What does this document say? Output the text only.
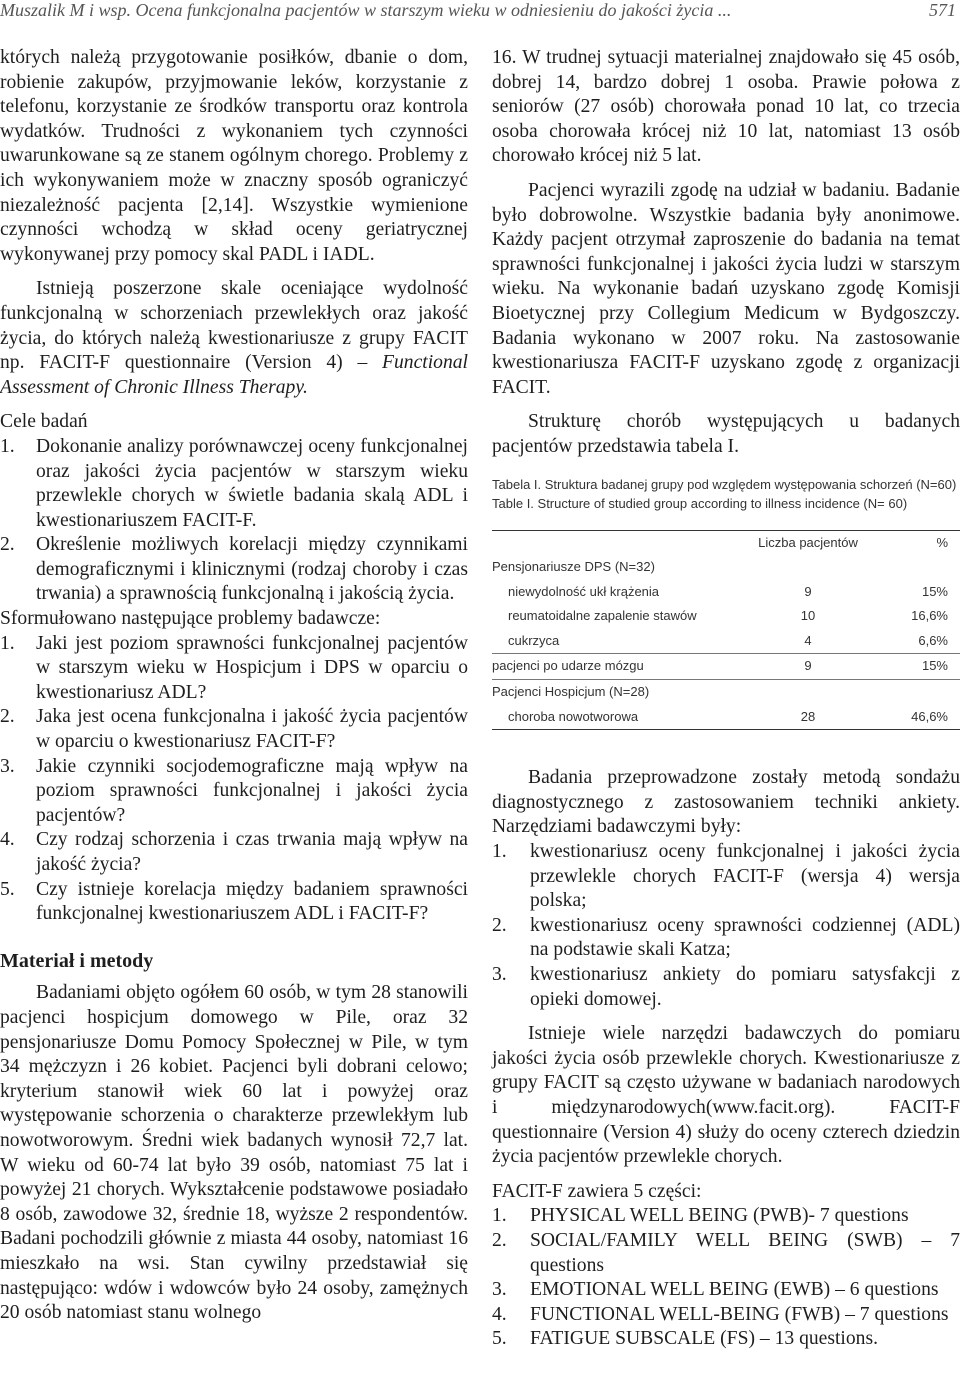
Muszalik M i wsp. Ocena funkcjonalna pacjentów w starszym wieku w odniesieniu do jakości życia ...	571

których należą przygotowanie posiłków, dbanie o dom, robienie zakupów, przyjmowanie leków, korzystanie z telefonu, korzystanie ze środków transportu oraz kontrola wydatków. Trudności z wykonaniem tych czynności uwarunkowane są ze stanem ogólnym chorego. Problemy z ich wykonywaniem może w znaczny sposób ograniczyć niezależność pacjenta [2,14]. Wszystkie wymienione czynności wchodzą w skład oceny geriatrycznej wykonywanej przy pomocy skal PADL i IADL.

Istnieją poszerzone skale oceniające wydolność funkcjonalną w schorzeniach przewlekłych oraz jakość życia, do których należą kwestionariusze z grupy FACIT np. FACIT-F questionnaire (Version 4) – Functional Assessment of Chronic Illness Therapy.

Cele badań

1. Dokonanie analizy porównawczej oceny funkcjonalnej oraz jakości życia pacjentów w starszym wieku przewlekle chorych w świetle badania skalą ADL i kwestionariuszem FACIT-F.
2. Określenie możliwych korelacji między czynnikami demograficznymi i klinicznymi (rodzaj choroby i czas trwania) a sprawnością funkcjonalną i jakością życia.

Sformułowano następujące problemy badawcze:

1. Jaki jest poziom sprawności funkcjonalnej pacjentów w starszym wieku w Hospicjum i DPS w oparciu o kwestionariusz ADL?
2. Jaka jest ocena funkcjonalna i jakość życia pacjentów w oparciu o kwestionariusz FACIT-F?
3. Jakie czynniki socjodemograficzne mają wpływ na poziom sprawności funkcjonalnej i jakości życia pacjentów?
4. Czy rodzaj schorzenia i czas trwania mają wpływ na jakość życia?
5. Czy istnieje korelacja między badaniem sprawności funkcjonalnej kwestionariuszem ADL i FACIT-F?

Materiał i metody

Badaniami objęto ogółem 60 osób, w tym 28 stanowili pacjenci hospicjum domowego w Pile, oraz 32 pensjonariusze Domu Pomocy Społecznej w Pile, w tym 34 mężczyzn i 26 kobiet. Pacjenci byli dobrani celowo; kryterium stanowił wiek 60 lat i powyżej oraz występowanie schorzenia o charakterze przewlekłym lub nowotworowym. Średni wiek badanych wynosił 72,7 lat. W wieku od 60-74 lat było 39 osób, natomiast 75 lat i powyżej 21 chorych. Wykształcenie podstawowe posiadało 8 osób, zawodowe 32, średnie 18, wyższe 2 respondentów. Badani pochodzili głównie z miasta 44 osoby, natomiast 16 mieszkało na wsi. Stan cywilny przedstawiał się następująco: wdów i wdowców było 24 osoby, zamężnych 20 osób natomiast stanu wolnego

16. W trudnej sytuacji materialnej znajdowało się 45 osób, dobrej 14, bardzo dobrej 1 osoba. Prawie połowa z seniorów (27 osób) chorowała ponad 10 lat, co trzecia osoba chorowała krócej niż 10 lat, natomiast 13 osób chorowało krócej niż 5 lat.

Pacjenci wyrazili zgodę na udział w badaniu. Badanie było dobrowolne. Wszystkie badania były anonimowe. Każdy pacjent otrzymał zaproszenie do badania na temat sprawności funkcjonalnej i jakości życia ludzi w starszym wieku. Na wykonanie badań uzyskano zgodę Komisji Bioetycznej przy Collegium Medicum w Bydgoszczy. Badania wykonano w 2007 roku. Na zastosowanie kwestionariusza FACIT-F uzyskano zgodę z organizacji FACIT.

Strukturę chorób występujących u badanych pacjentów przedstawia tabela I.

Tabela I. Struktura badanej grupy pod względem występowania schorzeń (N=60)
Table I. Structure of studied group according to illness incidence (N= 60)
	Liczba pacjentów	%
Pensjonariusze DPS (N=32)		
niewydolność ukł krążenia	9	15%
reumatoidalne zapalenie stawów	10	16,6%
cukrzyca	4	6,6%
pacjenci po udarze mózgu	9	15%
Pacjenci Hospicjum (N=28)		
choroba nowotworowa	28	46,6%

Badania przeprowadzone zostały metodą sondażu diagnostycznego z zastosowaniem techniki ankiety. Narzędziami badawczymi były:

1. kwestionariusz oceny funkcjonalnej i jakości życia przewlekle chorych FACIT-F (wersja 4) wersja polska;
2. kwestionariusz oceny sprawności codziennej (ADL) na podstawie skali Katza;
3. kwestionariusz ankiety do pomiaru satysfakcji z opieki domowej.

Istnieje wiele narzędzi badawczych do pomiaru jakości życia osób przewlekle chorych. Kwestionariusze z grupy FACIT są często używane w badaniach narodowych i międzynarodowych(www.facit.org). FACIT-F questionnaire (Version 4) służy do oceny czterech dziedzin życia pacjentów przewlekle chorych.

FACIT-F zawiera 5 części:

1. PHYSICAL WELL BEING (PWB)- 7 questions
2. SOCIAL/FAMILY WELL BEING (SWB) – 7 questions
3. EMOTIONAL WELL BEING (EWB) – 6 questions
4. FUNCTIONAL WELL-BEING (FWB) – 7 questions
5. FATIGUE SUBSCALE (FS) – 13 questions.
